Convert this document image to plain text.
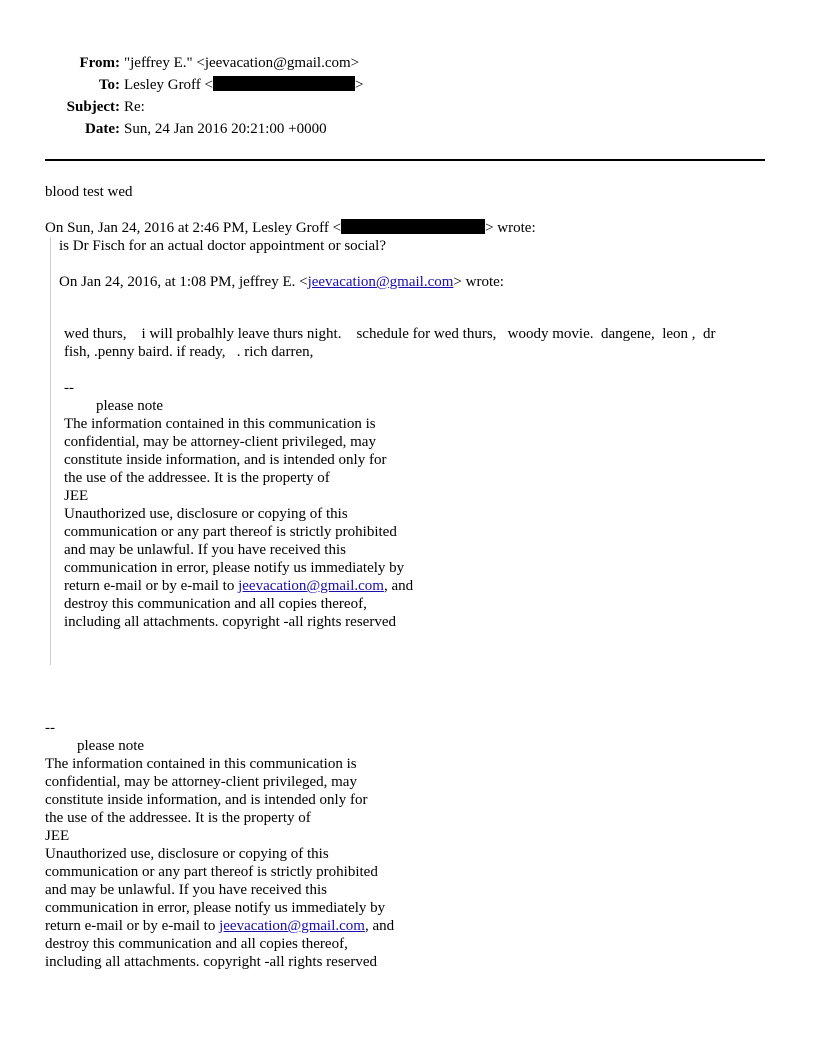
From: "jeffrey E." <jeevacation@gmail.com>
To: Lesley Groff <	>
Subject: Re:
Date: Sun, 24 Jan 2016 20:21:00 +0000
blood test wed
On Sun, Jan 24, 2016 at 2:46 PM, Lesley Groff <	> wrote:
is Dr Fisch for an actual doctor appointment or social?
On Jan 24, 2016, at 1:08 PM, jeffrey E. <jeevacation@gmail.com> wrote:
wed thurs,    i will probalhly leave thurs night.    schedule for wed thurs,   woody movie.  dangene,  leon ,  dr
fish, .penny baird. if ready,   . rich darren,
--
please note
The information contained in this communication is
confidential, may be attorney-client privileged, may
constitute inside information, and is intended only for
the use of the addressee. It is the property of
JEE
Unauthorized use, disclosure or copying of this
communication or any part thereof is strictly prohibited
and may be unlawful. If you have received this
communication in error, please notify us immediately by
return e-mail or by e-mail to jeevacation@gmail.com, and
destroy this communication and all copies thereof,
including all attachments. copyright -all rights reserved
--
please note
The information contained in this communication is
confidential, may be attorney-client privileged, may
constitute inside information, and is intended only for
the use of the addressee. It is the property of
JEE
Unauthorized use, disclosure or copying of this
communication or any part thereof is strictly prohibited
and may be unlawful. If you have received this
communication in error, please notify us immediately by
return e-mail or by e-mail to jeevacation@gmail.com, and
destroy this communication and all copies thereof,
including all attachments. copyright -all rights reserved
